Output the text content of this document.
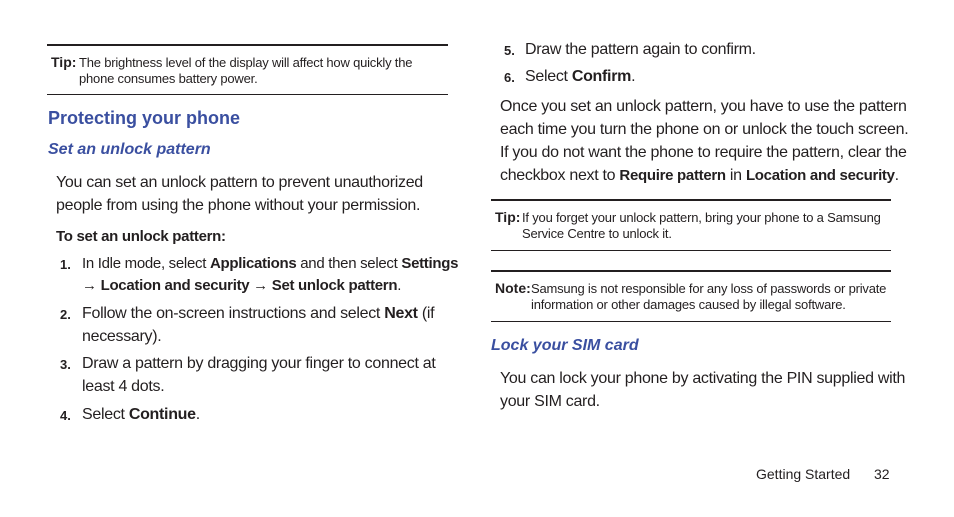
Tip: The brightness level of the display will affect how quickly the
phone consumes battery power.
Protecting your phone
Set an unlock pattern
You can set an unlock pattern to prevent unauthorized
people from using the phone without your permission.
To set an unlock pattern:
1. In Idle mode, select Applications and then select Settings
→ Location and security → Set unlock pattern.
2. Follow the on-screen instructions and select Next (if
necessary).
3. Draw a pattern by dragging your finger to connect at
least 4 dots.
4. Select Continue.
5. Draw the pattern again to confirm.
6. Select Confirm.
Once you set an unlock pattern, you have to use the pattern
each time you turn the phone on or unlock the touch screen.
If you do not want the phone to require the pattern, clear the
checkbox next to Require pattern in Location and security.
Tip: If you forget your unlock pattern, bring your phone to a Samsung
Service Centre to unlock it.
Note: Samsung is not responsible for any loss of passwords or private
information or other damages caused by illegal software.
Lock your SIM card
You can lock your phone by activating the PIN supplied with
your SIM card.
Getting Started 32
